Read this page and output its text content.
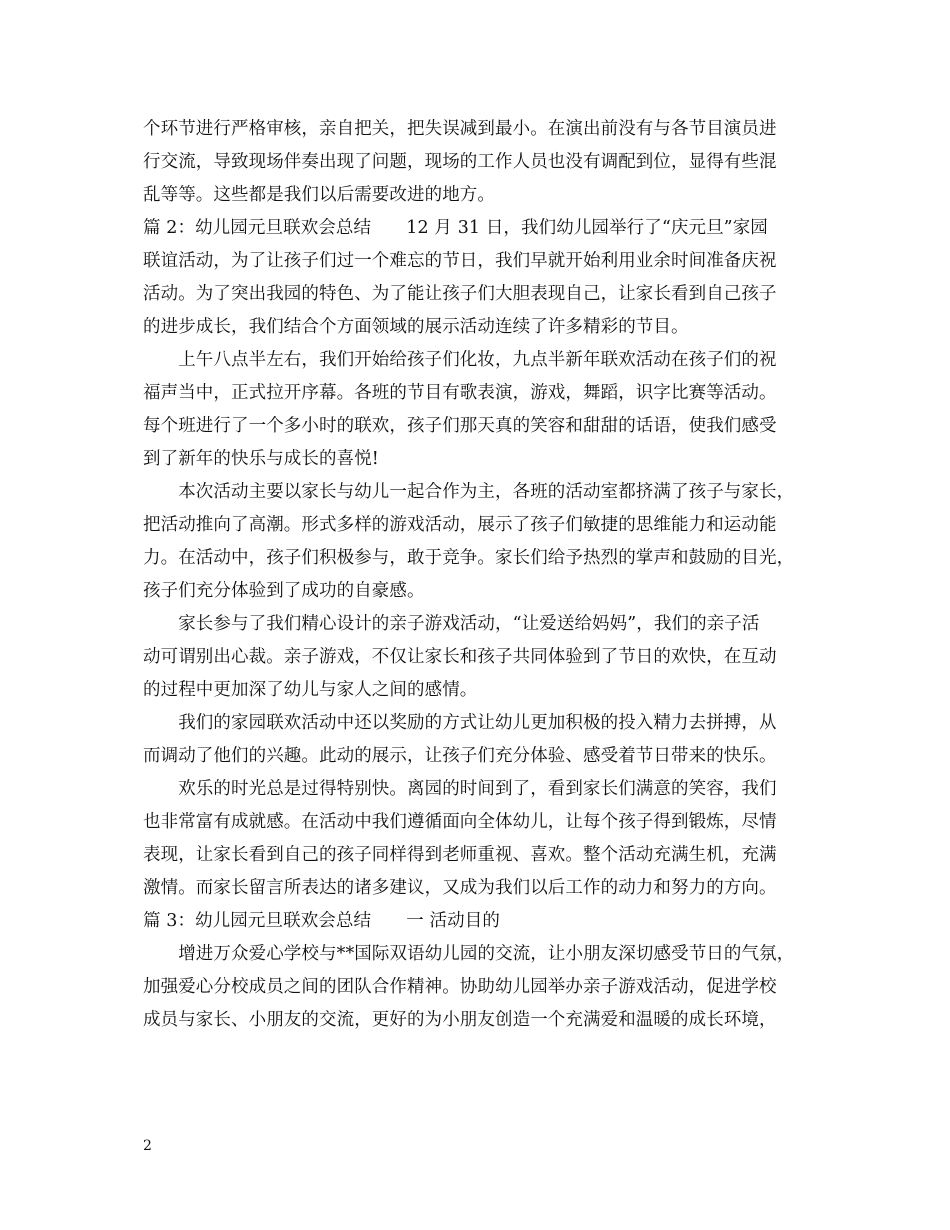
个环节进行严格审核，亲自把关，把失误减到最小。在演出前没有与各节目演员进
行交流，导致现场伴奏出现了问题，现场的工作人员也没有调配到位，显得有些混
乱等等。这些都是我们以后需要改进的地方。
篇 2：幼儿园元旦联欢会总结　　12 月 31 日，我们幼儿园举行了“庆元旦”家园
联谊活动，为了让孩子们过一个难忘的节日，我们早就开始利用业余时间准备庆祝
活动。为了突出我园的特色、为了能让孩子们大胆表现自己，让家长看到自己孩子
的进步成长，我们结合个方面领域的展示活动连续了许多精彩的节目。
　　上午八点半左右，我们开始给孩子们化妆，九点半新年联欢活动在孩子们的祝
福声当中，正式拉开序幕。各班的节目有歌表演，游戏，舞蹈，识字比赛等活动。
每个班进行了一个多小时的联欢，孩子们那天真的笑容和甜甜的话语，使我们感受
到了新年的快乐与成长的喜悦!
　　本次活动主要以家长与幼儿一起合作为主，各班的活动室都挤满了孩子与家长，
把活动推向了高潮。形式多样的游戏活动，展示了孩子们敏捷的思维能力和运动能
力。在活动中，孩子们积极参与，敢于竞争。家长们给予热烈的掌声和鼓励的目光，
孩子们充分体验到了成功的自豪感。
　　家长参与了我们精心设计的亲子游戏活动，“让爱送给妈妈”，我们的亲子活
动可谓别出心裁。亲子游戏，不仅让家长和孩子共同体验到了节日的欢快，在互动
的过程中更加深了幼儿与家人之间的感情。
　　我们的家园联欢活动中还以奖励的方式让幼儿更加积极的投入精力去拼搏，从
而调动了他们的兴趣。此动的展示，让孩子们充分体验、感受着节日带来的快乐。
　　欢乐的时光总是过得特别快。离园的时间到了，看到家长们满意的笑容，我们
也非常富有成就感。在活动中我们遵循面向全体幼儿，让每个孩子得到锻炼，尽情
表现，让家长看到自己的孩子同样得到老师重视、喜欢。整个活动充满生机，充满
激情。而家长留言所表达的诸多建议，又成为我们以后工作的动力和努力的方向。
篇 3：幼儿园元旦联欢会总结　　一 活动目的
　　增进万众爱心学校与**国际双语幼儿园的交流，让小朋友深切感受节日的气氛，
加强爱心分校成员之间的团队合作精神。协助幼儿园举办亲子游戏活动，促进学校
成员与家长、小朋友的交流，更好的为小朋友创造一个充满爱和温暖的成长环境，
2
